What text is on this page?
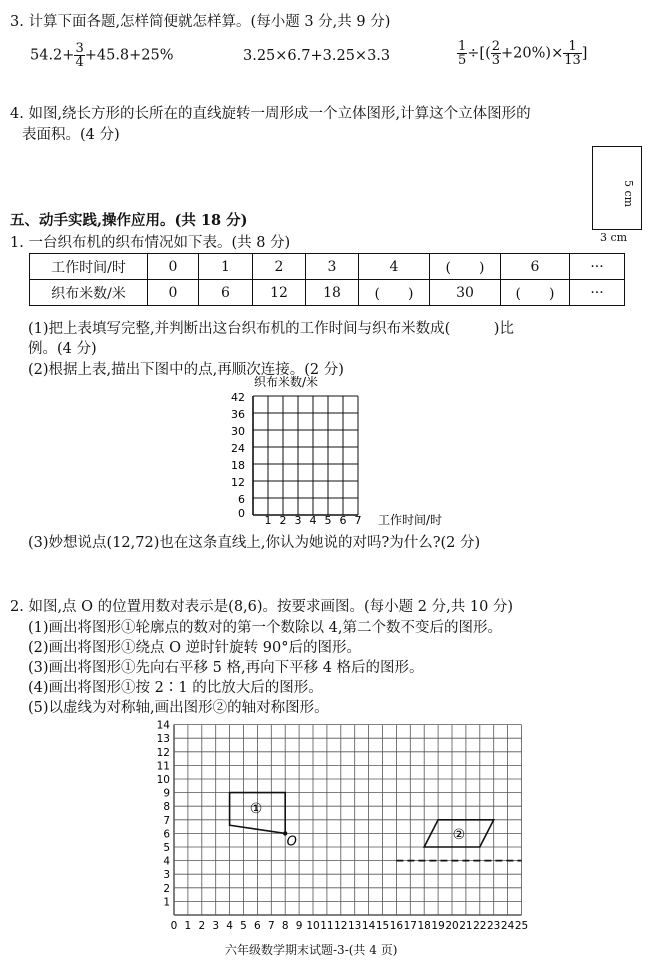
3. 计算下面各题,怎样简便就怎样算。(每小题 3 分,共 9 分)
$54.2+ \frac{3}{4} +45.8+25\%$	3.25×6.7+3.25×3.3	$\frac{1}{5}$ ÷[( $\frac{2}{3} +20\%)\times \frac{1}{13}$ ]
4. 如图,绕长方形的长所在的直线旋转一周形成一个立体图形,计算这个立体图形的
表面积。(4 分)
3 cm
5 cm
五、动手实践,操作应用。(共 18 分)
1. 一台织布机的织布情况如下表。(共 8 分)
工作时间/时	0	1	2	3	4	(　　)	6	···
织布米数/米	0	6	12	18	(　　)	30	(　　)	···
(1)把上表填写完整,并判断出这台织布机的工作时间与织布米数成(　　　)比
例。(4 分)
(2)根据上表,描出下图中的点,再顺次连接。(2 分)
织布米数/米
工作时间/时
42
36
30
24
18
12
6
0
1 2 3 4 5 6 7
(3)妙想说点(12,72)也在这条直线上,你认为她说的对吗?为什么?(2 分)
2. 如图,点 O 的位置用数对表示是(8,6)。按要求画图。(每小题 2 分,共 10 分)
(1)画出将图形①轮廓点的数对的第一个数除以 4,第二个数不变后的图形。
(2)画出将图形①绕点 O 逆时针旋转 90°后的图形。
(3)画出将图形①先向右平移 5 格,再向下平移 4 格后的图形。
(4)画出将图形①按 2∶1 的比放大后的图形。
(5)以虚线为对称轴,画出图形②的轴对称图形。
0 1 2 3 4 5 6 7 8 9 10 11 12 13 14 15 16 17 18 19 20 21 22 23 24 25
1
2
3
4
5
6
7
8
9
10
11
12
13
14
①
②
O
六年级数学期末试题-3-(共 4 页)
